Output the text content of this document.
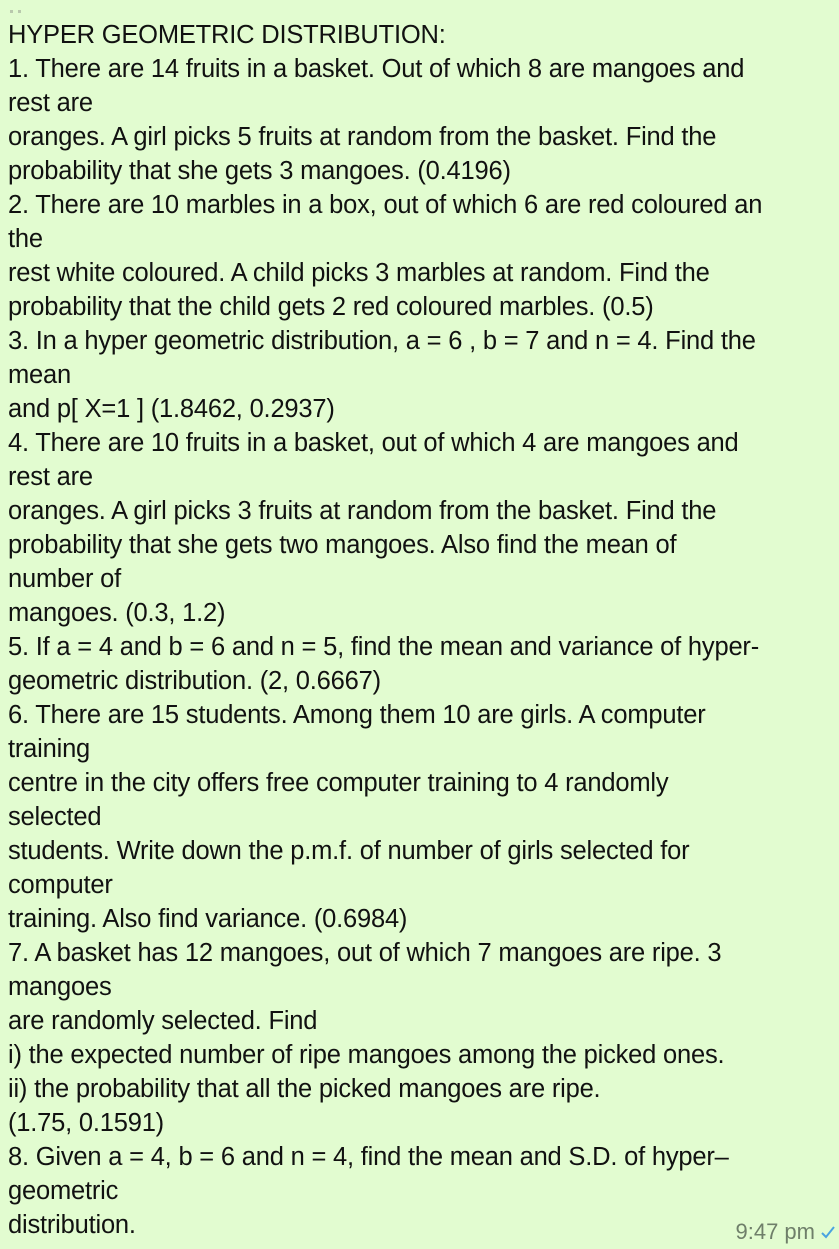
HYPER GEOMETRIC DISTRIBUTION:
1. There are 14 fruits in a basket. Out of which 8 are mangoes and
rest are
oranges. A girl picks 5 fruits at random from the basket. Find the
probability that she gets 3 mangoes. (0.4196)
2. There are 10 marbles in a box, out of which 6 are red coloured an
the
rest white coloured. A child picks 3 marbles at random. Find the
probability that the child gets 2 red coloured marbles. (0.5)
3. In a hyper geometric distribution, a = 6 , b = 7 and n = 4. Find the
mean
and p[ X=1 ] (1.8462, 0.2937)
4. There are 10 fruits in a basket, out of which 4 are mangoes and
rest are
oranges. A girl picks 3 fruits at random from the basket. Find the
probability that she gets two mangoes. Also find the mean of
number of
mangoes. (0.3, 1.2)
5. If a = 4 and b = 6 and n = 5, find the mean and variance of hyper-
geometric distribution. (2, 0.6667)
6. There are 15 students. Among them 10 are girls. A computer
training
centre in the city offers free computer training to 4 randomly
selected
students. Write down the p.m.f. of number of girls selected for
computer
training. Also find variance. (0.6984)
7. A basket has 12 mangoes, out of which 7 mangoes are ripe. 3
mangoes
are randomly selected. Find
i) the expected number of ripe mangoes among the picked ones.
ii) the probability that all the picked mangoes are ripe.
(1.75, 0.1591)
8. Given a = 4, b = 6 and n = 4, find the mean and S.D. of hyper–
geometric
distribution.	9:47 pm
